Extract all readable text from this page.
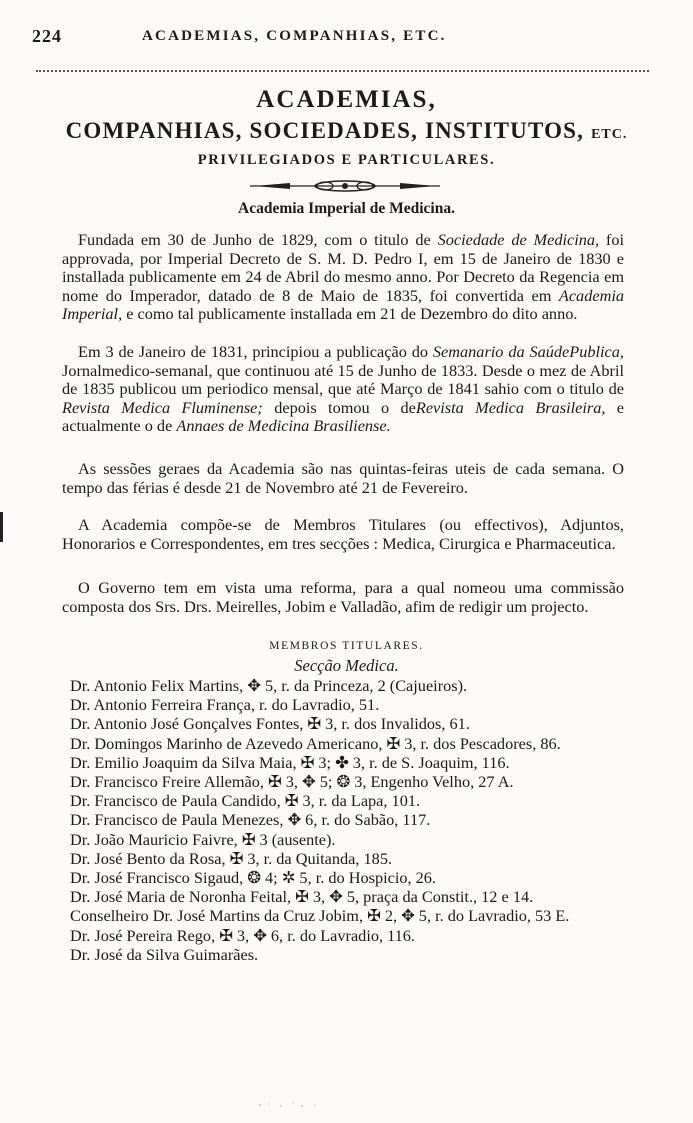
224	ACADEMIAS, COMPANHIAS, ETC.
ACADEMIAS,
COMPANHIAS, SOCIEDADES, INSTITUTOS, ETC.
PRIVILEGIADOS E PARTICULARES.
Academia Imperial de Medicina.

Fundada em 30 de Junho de 1829, com o titulo de Sociedade de Medicina, foi approvada, por Imperial Decreto de S. M. D. Pedro I, em 15 de Janeiro de 1830 e installada publicamente em 24 de Abril do mesmo anno. Por Decreto da Regencia em nome do Imperador, datado de 8 de Maio de 1835, foi convertida em Academia Imperial, e como tal publicamente installada em 21 de Dezembro do dito anno.

Em 3 de Janeiro de 1831, principiou a publicação do Semanario da SaúdePublica, Jornalmedico-semanal, que continuou até 15 de Junho de 1833. Desde o mez de Abril de 1835 publicou um periodico mensal, que até Março de 1841 sahio com o titulo de Revista Medica Fluminense; depois tomou o deRevista Medica Brasileira, e actualmente o de Annaes de Medicina Brasiliense.

As sessões geraes da Academia são nas quintas-feiras uteis de cada semana. O tempo das férias é desde 21 de Novembro até 21 de Fevereiro.

A Academia compõe-se de Membros Titulares (ou effectivos), Adjuntos, Honorarios e Correspondentes, em tres secções : Medica, Cirurgica e Pharmaceutica.

O Governo tem em vista uma reforma, para a qual nomeou uma commissão composta dos Srs. Drs. Meirelles, Jobim e Valladão, afim de redigir um projecto.

MEMBROS TITULARES.
Secção Medica.
Dr. Antonio Felix Martins, ✥ 5, r. da Princeza, 2 (Cajueiros).
Dr. Antonio Ferreira França, r. do Lavradio, 51.
Dr. Antonio José Gonçalves Fontes, ✠ 3, r. dos Invalidos, 61.
Dr. Domingos Marinho de Azevedo Americano, ✠ 3, r. dos Pescadores, 86.
Dr. Emilio Joaquim da Silva Maia, ✠ 3; ✤ 3, r. de S. Joaquim, 116.
Dr. Francisco Freire Allemão, ✠ 3, ✥ 5; ❂ 3, Engenho Velho, 27 A.
Dr. Francisco de Paula Candido, ✠ 3, r. da Lapa, 101.
Dr. Francisco de Paula Menezes, ✥ 6, r. do Sabão, 117.
Dr. João Mauricio Faivre, ✠ 3 (ausente).
Dr. José Bento da Rosa, ✠ 3, r. da Quitanda, 185.
Dr. José Francisco Sigaud, ❂ 4; ✲ 5, r. do Hospicio, 26.
Dr. José Maria de Noronha Feital, ✠ 3, ✥ 5, praça da Constit., 12 e 14.
Conselheiro Dr. José Martins da Cruz Jobim, ✠ 2, ✥ 5, r. do Lavradio, 53 E.
Dr. José Pereira Rego, ✠ 3, ✥ 6, r. do Lavradio, 116.
Dr. José da Silva Guimarães.
